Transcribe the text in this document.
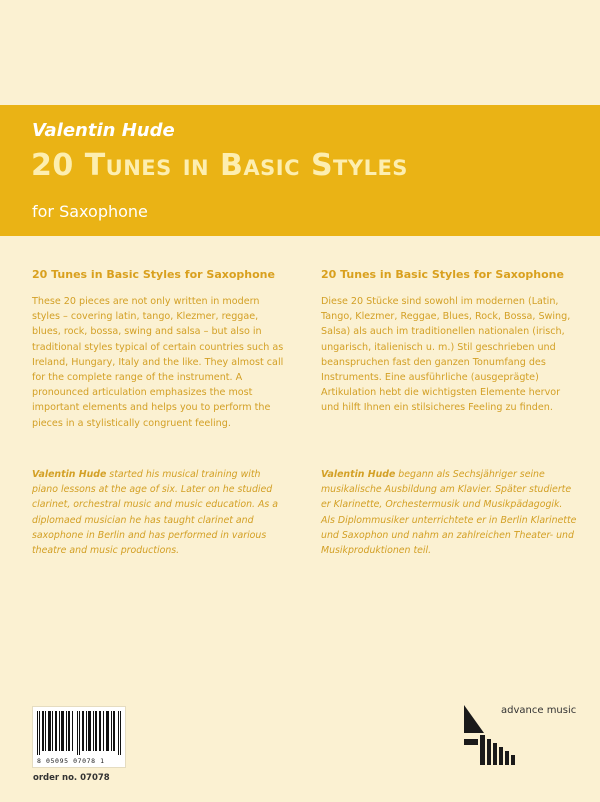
Valentin Hude
20 Tunes in Basic Styles
for Saxophone
20 Tunes in Basic Styles for Saxophone

These 20 pieces are not only written in modern styles – covering latin, tango, Klezmer, reggae, blues, rock, bossa, swing and salsa – but also in traditional styles typical of certain countries such as Ireland, Hungary, Italy and the like. They almost call for the complete range of the instrument. A pronounced articulation emphasizes the most important elements and helps you to perform the pieces in a stylistically congruent feeling.

20 Tunes in Basic Styles for Saxophone

Diese 20 Stücke sind sowohl im modernen (Latin, Tango, Klezmer, Reggae, Blues, Rock, Bossa, Swing, Salsa) als auch im traditionellen nationalen (irisch, ungarisch, italienisch u. m.) Stil geschrieben und beanspruchen fast den ganzen Tonumfang des Instruments. Eine ausführliche (ausgeprägte) Artikulation hebt die wichtigsten Elemente hervor und hilft Ihnen ein stilsicheres Feeling zu finden.

Valentin Hude started his musical training with piano lessons at the age of six. Later on he studied clarinet, orchestral music and music education. As a diplomaed musician he has taught clarinet and saxophone in Berlin and has performed in various theatre and music productions.

Valentin Hude begann als Sechsjähriger seine musikalische Ausbildung am Klavier. Später studierte er Klarinette, Orchestermusik und Musikpädagogik. Als Diplommusiker unterrichtete er in Berlin Klarinette und Saxophon und nahm an zahlreichen Theater- und Musikproduktionen teil.

8 05095 07078 1
order no. 07078
advance music
